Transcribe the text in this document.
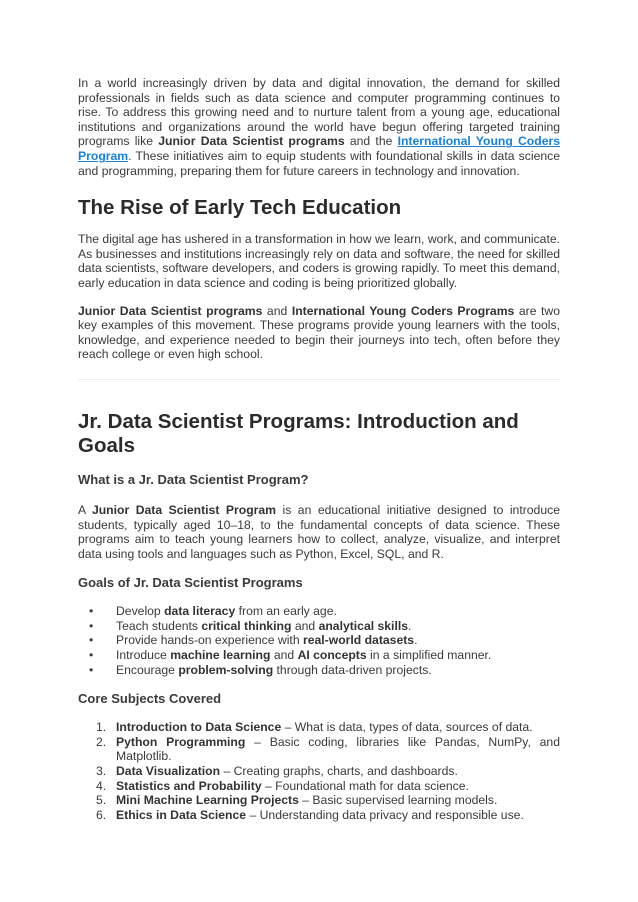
In a world increasingly driven by data and digital innovation, the demand for skilled professionals in fields such as data science and computer programming continues to rise. To address this growing need and to nurture talent from a young age, educational institutions and organizations around the world have begun offering targeted training programs like Junior Data Scientist programs and the International Young Coders Program. These initiatives aim to equip students with foundational skills in data science and programming, preparing them for future careers in technology and innovation.

The Rise of Early Tech Education

The digital age has ushered in a transformation in how we learn, work, and communicate. As businesses and institutions increasingly rely on data and software, the need for skilled data scientists, software developers, and coders is growing rapidly. To meet this demand, early education in data science and coding is being prioritized globally.

Junior Data Scientist programs and International Young Coders Programs are two key examples of this movement. These programs provide young learners with the tools, knowledge, and experience needed to begin their journeys into tech, often before they reach college or even high school.

Jr. Data Scientist Programs: Introduction and Goals
What is a Jr. Data Scientist Program?

A Junior Data Scientist Program is an educational initiative designed to introduce students, typically aged 10–18, to the fundamental concepts of data science. These programs aim to teach young learners how to collect, analyze, visualize, and interpret data using tools and languages such as Python, Excel, SQL, and R.

Goals of Jr. Data Scientist Programs
• Develop data literacy from an early age.
• Teach students critical thinking and analytical skills.
• Provide hands-on experience with real-world datasets.
• Introduce machine learning and AI concepts in a simplified manner.
• Encourage problem-solving through data-driven projects.
Core Subjects Covered
1. Introduction to Data Science – What is data, types of data, sources of data.
2. Python Programming – Basic coding, libraries like Pandas, NumPy, and Matplotlib.
3. Data Visualization – Creating graphs, charts, and dashboards.
4. Statistics and Probability – Foundational math for data science.
5. Mini Machine Learning Projects – Basic supervised learning models.
6. Ethics in Data Science – Understanding data privacy and responsible use.
